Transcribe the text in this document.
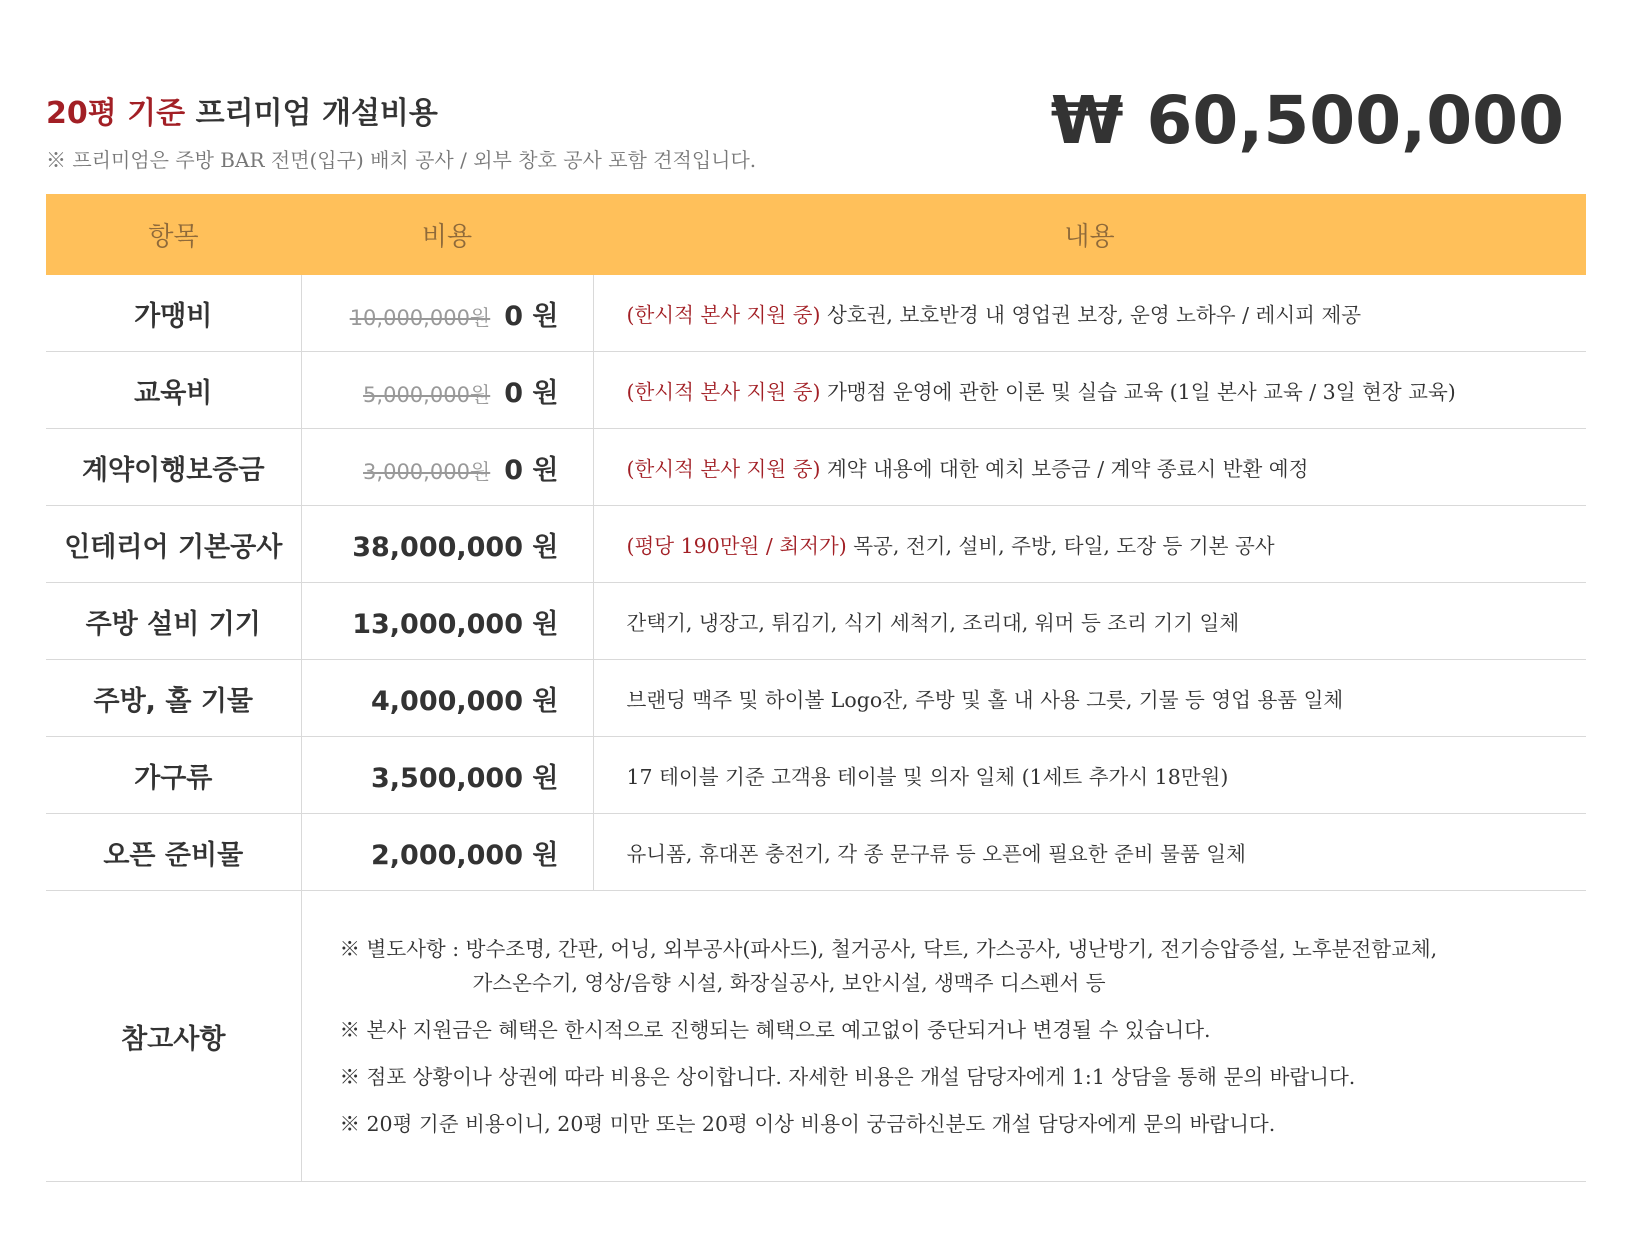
20평 기준 프리미엄 개설비용
※ 프리미엄은 주방 BAR 전면(입구) 배치 공사 / 외부 창호 공사 포함 견적입니다.
₩ 60,500,000
항목	비용	내용
가맹비	10,000,000원 0 원	(한시적 본사 지원 중) 상호권, 보호반경 내 영업권 보장, 운영 노하우 / 레시피 제공
교육비	5,000,000원 0 원	(한시적 본사 지원 중) 가맹점 운영에 관한 이론 및 실습 교육 (1일 본사 교육 / 3일 현장 교육)
계약이행보증금	3,000,000원 0 원	(한시적 본사 지원 중) 계약 내용에 대한 예치 보증금 / 계약 종료시 반환 예정
인테리어 기본공사	38,000,000 원	(평당 190만원 / 최저가) 목공, 전기, 설비, 주방, 타일, 도장 등 기본 공사
주방 설비 기기	13,000,000 원	간택기, 냉장고, 튀김기, 식기 세척기, 조리대, 워머 등 조리 기기 일체
주방, 홀 기물	4,000,000 원	브랜딩 맥주 및 하이볼 Logo잔, 주방 및 홀 내 사용 그릇, 기물 등 영업 용품 일체
가구류	3,500,000 원	17 테이블 기준 고객용 테이블 및 의자 일체 (1세트 추가시 18만원)
오픈 준비물	2,000,000 원	유니폼, 휴대폰 충전기, 각 종 문구류 등 오픈에 필요한 준비 물품 일체
참고사항	※ 별도사항 : 방수조명, 간판, 어닝, 외부공사(파사드), 철거공사, 닥트, 가스공사, 냉난방기, 전기승압증설, 노후분전함교체,
가스온수기, 영상/음향 시설, 화장실공사, 보안시설, 생맥주 디스펜서 등
※ 본사 지원금은 혜택은 한시적으로 진행되는 혜택으로 예고없이 중단되거나 변경될 수 있습니다.
※ 점포 상황이나 상권에 따라 비용은 상이합니다. 자세한 비용은 개설 담당자에게 1:1 상담을 통해 문의 바랍니다.
※ 20평 기준 비용이니, 20평 미만 또는 20평 이상 비용이 궁금하신분도 개설 담당자에게 문의 바랍니다.	
